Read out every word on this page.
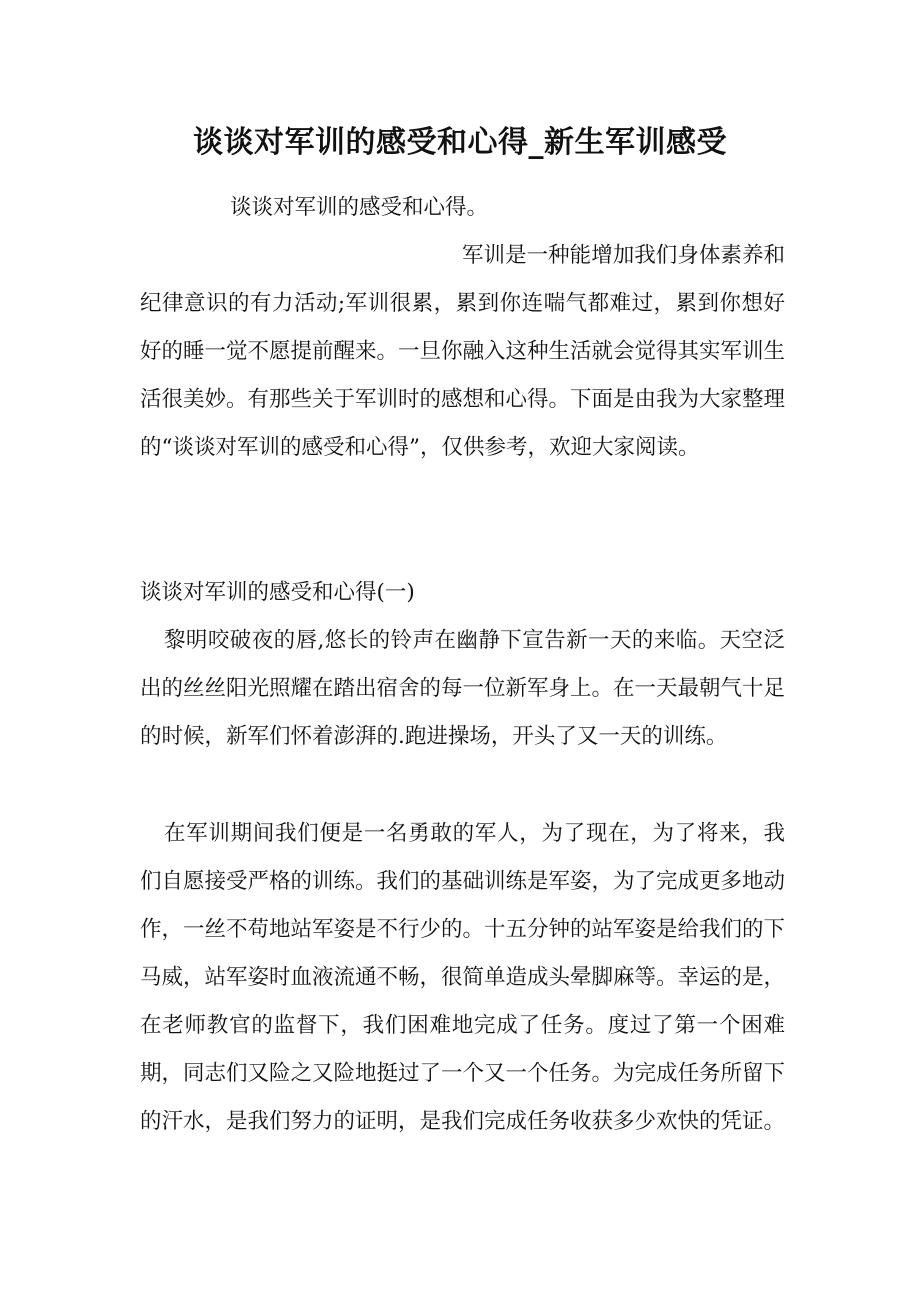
谈谈对军训的感受和心得_新生军训感受

谈谈对军训的感受和心得。

军训是一种能增加我们身体素养和纪律意识的有力活动;军训很累，累到你连喘气都难过，累到你想好好的睡一觉不愿提前醒来。一旦你融入这种生活就会觉得其实军训生活很美妙。有那些关于军训时的感想和心得。下面是由我为大家整理的“谈谈对军训的感受和心得”，仅供参考，欢迎大家阅读。

谈谈对军训的感受和心得(一)

黎明咬破夜的唇,悠长的铃声在幽静下宣告新一天的来临。天空泛出的丝丝阳光照耀在踏出宿舍的每一位新军身上。在一天最朝气十足的时候，新军们怀着澎湃的.跑进操场，开头了又一天的训练。

在军训期间我们便是一名勇敢的军人，为了现在，为了将来，我们自愿接受严格的训练。我们的基础训练是军姿，为了完成更多地动作，一丝不苟地站军姿是不行少的。十五分钟的站军姿是给我们的下马威，站军姿时血液流通不畅，很简单造成头晕脚麻等。幸运的是，在老师教官的监督下，我们困难地完成了任务。度过了第一个困难期，同志们又险之又险地挺过了一个又一个任务。为完成任务所留下的汗水，是我们努力的证明，是我们完成任务收获多少欢快的凭证。
